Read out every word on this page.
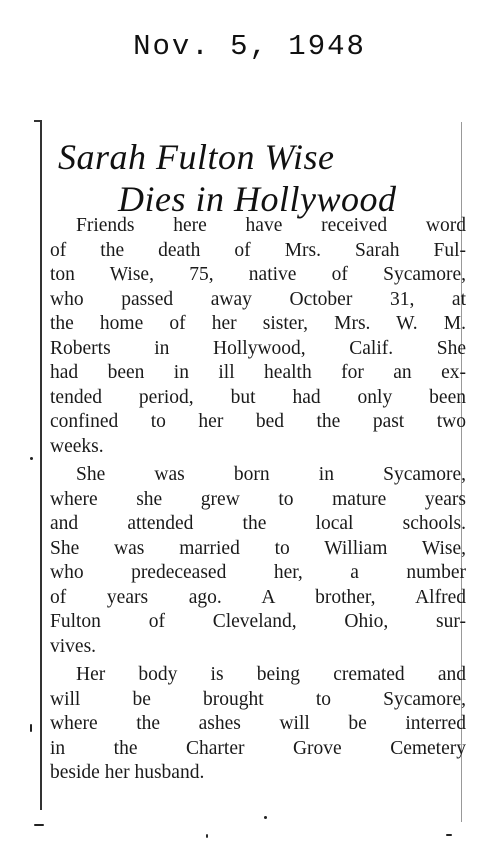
Nov. 5, 1948
Sarah Fulton Wise
Dies in Hollywood
Friends here have received word
of the death of Mrs. Sarah Ful-
ton Wise, 75, native of Sycamore,
who passed away October 31, at
the home of her sister, Mrs. W. M.
Roberts in Hollywood, Calif. She
had been in ill health for an ex-
tended period, but had only been
confined to her bed the past two
weeks.
She was born in Sycamore,
where she grew to mature years
and attended the local schools.
She was married to William Wise,
who predeceased her, a number
of years ago. A brother, Alfred
Fulton of Cleveland, Ohio, sur-
vives.
Her body is being cremated and
will be brought to Sycamore,
where the ashes will be interred
in the Charter Grove Cemetery
beside her husband.
